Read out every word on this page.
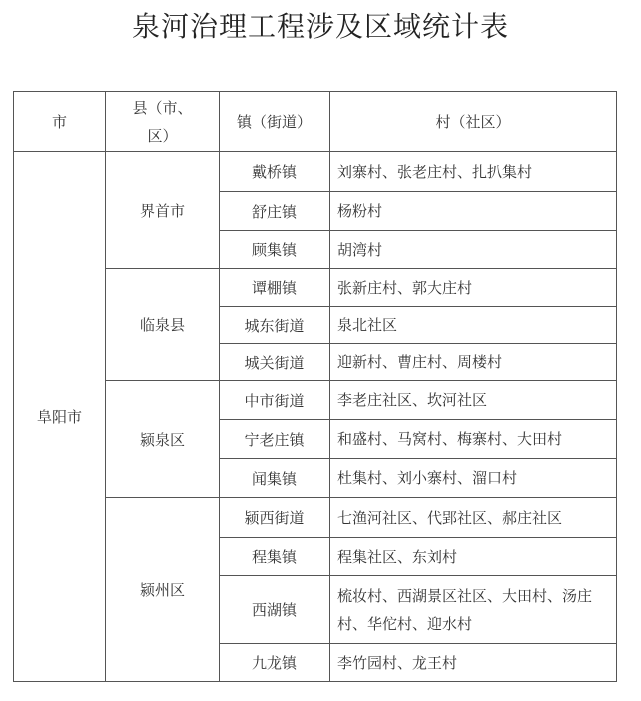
泉河治理工程涉及区域统计表
市	县（市、区）	镇（街道）	村（社区）
阜阳市	界首市	戴桥镇	刘寨村、张老庄村、扎扒集村
		舒庄镇	杨粉村
		顾集镇	胡湾村
	临泉县	谭棚镇	张新庄村、郭大庄村
		城东街道	泉北社区
		城关街道	迎新村、曹庄村、周楼村
	颍泉区	中市街道	李老庄社区、坎河社区
		宁老庄镇	和盛村、马窝村、梅寨村、大田村
		闻集镇	杜集村、刘小寨村、溜口村
	颍州区	颍西街道	七渔河社区、代郢社区、郝庄社区
		程集镇	程集社区、东刘村
		西湖镇	梳妆村、西湖景区社区、大田村、汤庄村、华佗村、迎水村
		九龙镇	李竹园村、龙王村
